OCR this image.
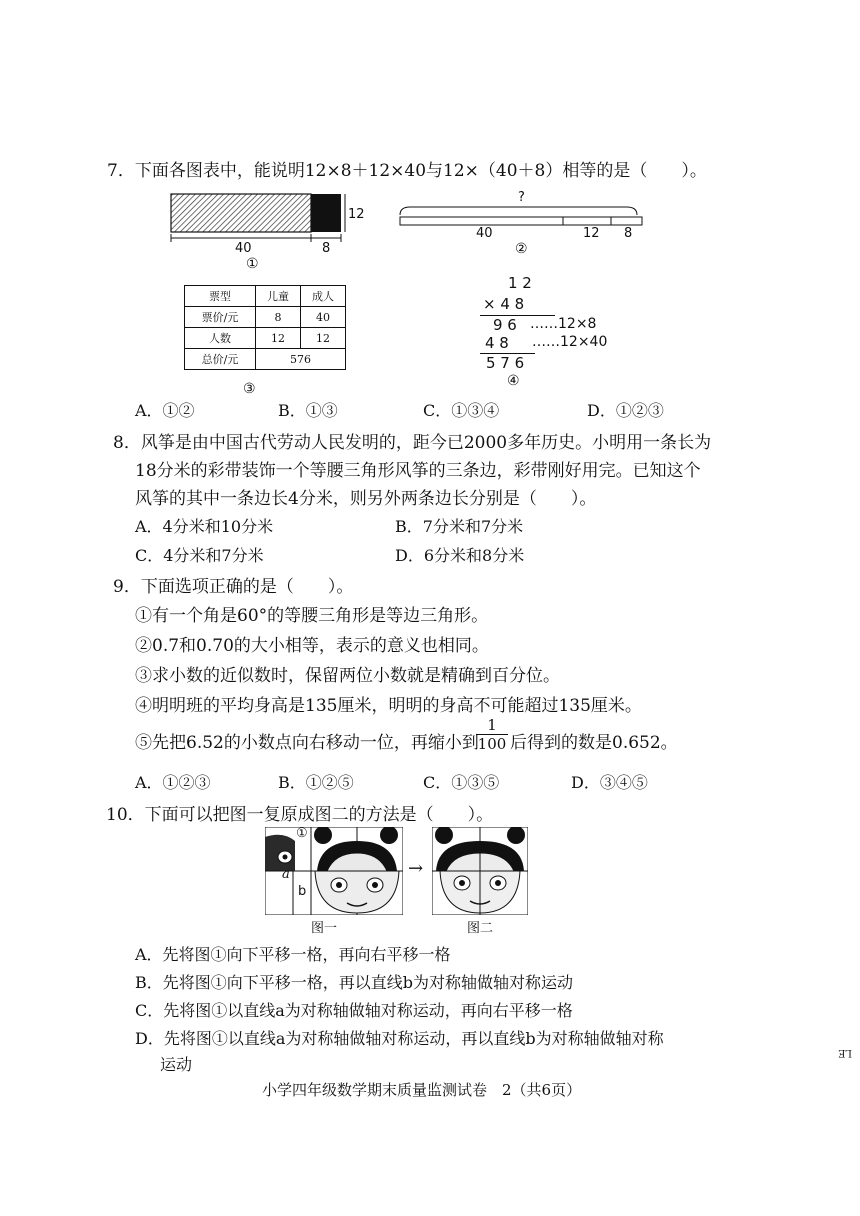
7．下面各图表中，能说明12×8＋12×40与12×（40＋8）相等的是（　　）。
12
40	8
①
?
40	12 8
②
票型	儿童	成人
票价/元	8	40
人数	12	12
总价/元	576	
③
1 2
× 4 8
9 6 ……12×8
4 8 ……12×40
5 7 6
④
A．①②	B．①③	C．①③④	D．①②③
8．风筝是由中国古代劳动人民发明的，距今已2000多年历史。小明用一条长为
18分米的彩带装饰一个等腰三角形风筝的三条边，彩带刚好用完。已知这个
风筝的其中一条边长4分米，则另外两条边长分别是（　　）。
A．4分米和10分米	B．7分米和7分米
C．4分米和7分米	D．6分米和8分米
9．下面选项正确的是（　　）。
①有一个角是60°的等腰三角形是等边三角形。
②0.7和0.70的大小相等，表示的意义也相同。
③求小数的近似数时，保留两位小数就是精确到百分位。
④明明班的平均身高是135厘米，明明的身高不可能超过135厘米。
⑤先把6.52的小数点向右移动一位，再缩小到
$\frac{1}{100}$ 后得到的数是0.652。
A．①②③	B．①②⑤	C．①③⑤	D．③④⑤
10．下面可以把图一复原成图二的方法是（　　）。
①
a
b
→
图一	图二
A．先将图①向下平移一格，再向右平移一格
B．先将图①向下平移一格，再以直线b为对称轴做轴对称运动
C．先将图①以直线a为对称轴做轴对称运动，再向右平移一格
D．先将图①以直线a为对称轴做轴对称运动，再以直线b为对称轴做轴对称
运动
小学四年级数学期末质量监测试卷　2（共6页）
LE
